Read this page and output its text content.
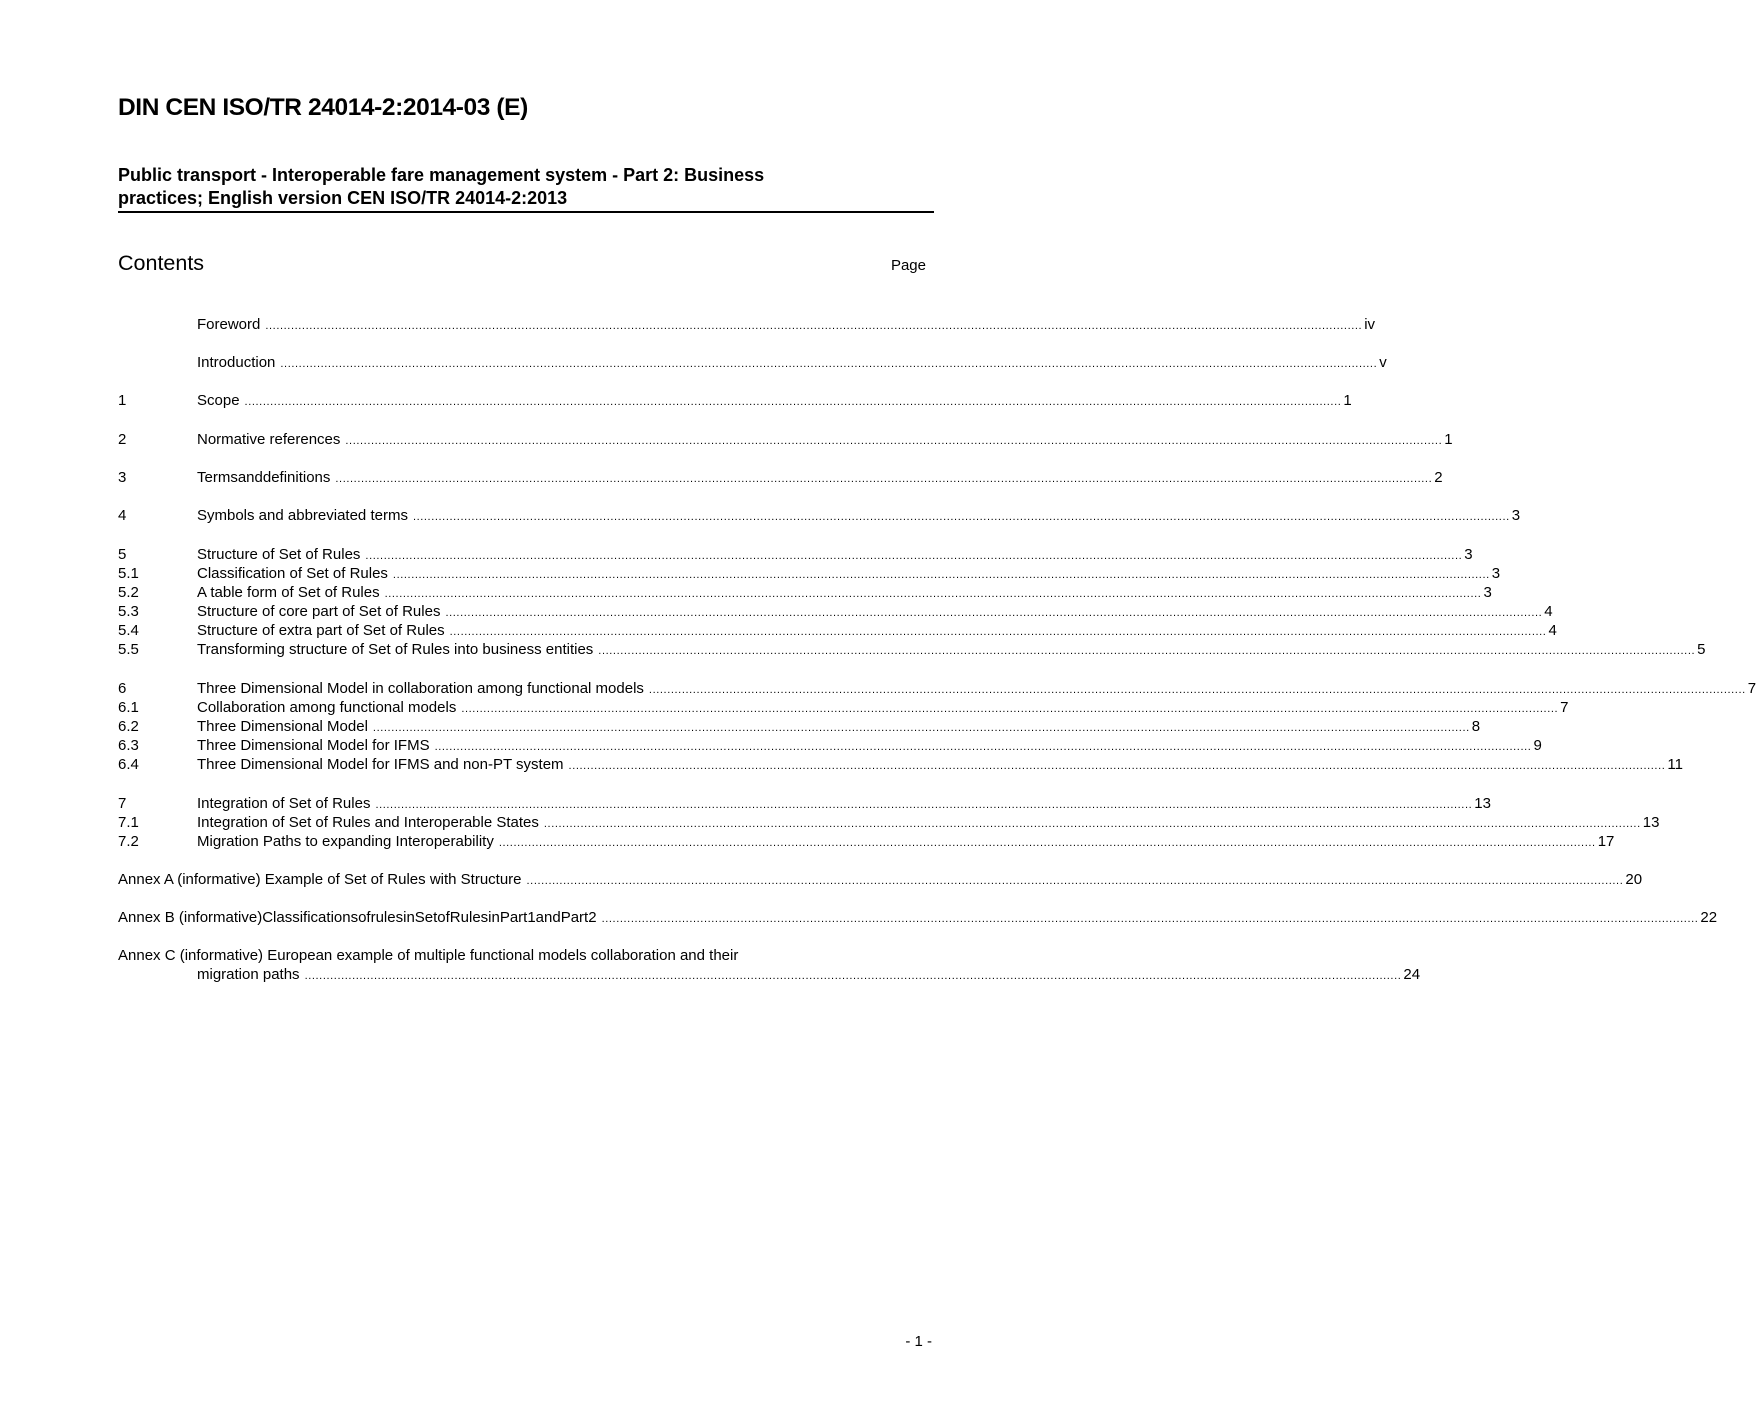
DIN CEN ISO/TR 24014-2:2014-03 (E)
Public transport - Interoperable fare management system - Part 2: Business
practices; English version CEN ISO/TR 24014-2:2013
Contents	Page
Foreword ............................................................................................................................................................................................................................................................................................................ iv
Introduction ............................................................................................................................................................................................................................................................................................................ v
1	Scope ............................................................................................................................................................................................................................................................................................................ 1
2	Normative references ............................................................................................................................................................................................................................................................................................................ 1
3	Termsanddefinitions ............................................................................................................................................................................................................................................................................................................ 2
4	Symbols and abbreviated terms ............................................................................................................................................................................................................................................................................................................ 3
5	Structure of Set of Rules ............................................................................................................................................................................................................................................................................................................ 3
5.1	Classification of Set of Rules ............................................................................................................................................................................................................................................................................................................ 3
5.2	A table form of Set of Rules ............................................................................................................................................................................................................................................................................................................ 3
5.3	Structure of core part of Set of Rules ............................................................................................................................................................................................................................................................................................................ 4
5.4	Structure of extra part of Set of Rules ............................................................................................................................................................................................................................................................................................................ 4
5.5	Transforming structure of Set of Rules into business entities ............................................................................................................................................................................................................................................................................................................ 5
6	Three Dimensional Model in collaboration among functional models ............................................................................................................................................................................................................................................................................................................ 7
6.1	Collaboration among functional models ............................................................................................................................................................................................................................................................................................................ 7
6.2	Three Dimensional Model ............................................................................................................................................................................................................................................................................................................ 8
6.3	Three Dimensional Model for IFMS ............................................................................................................................................................................................................................................................................................................ 9
6.4	Three Dimensional Model for IFMS and non-PT system ............................................................................................................................................................................................................................................................................................................ 11
7	Integration of Set of Rules ............................................................................................................................................................................................................................................................................................................ 13
7.1	Integration of Set of Rules and Interoperable States ............................................................................................................................................................................................................................................................................................................ 13
7.2	Migration Paths to expanding Interoperability ............................................................................................................................................................................................................................................................................................................ 17
Annex A (informative) Example of Set of Rules with Structure ............................................................................................................................................................................................................................................................................................................ 20
Annex B (informative)ClassificationsofrulesinSetofRulesinPart1andPart2 ............................................................................................................................................................................................................................................................................................................ 22
Annex C (informative) European example of multiple functional models collaboration and their
migration paths ............................................................................................................................................................................................................................................................................................................ 24
- 1 -
